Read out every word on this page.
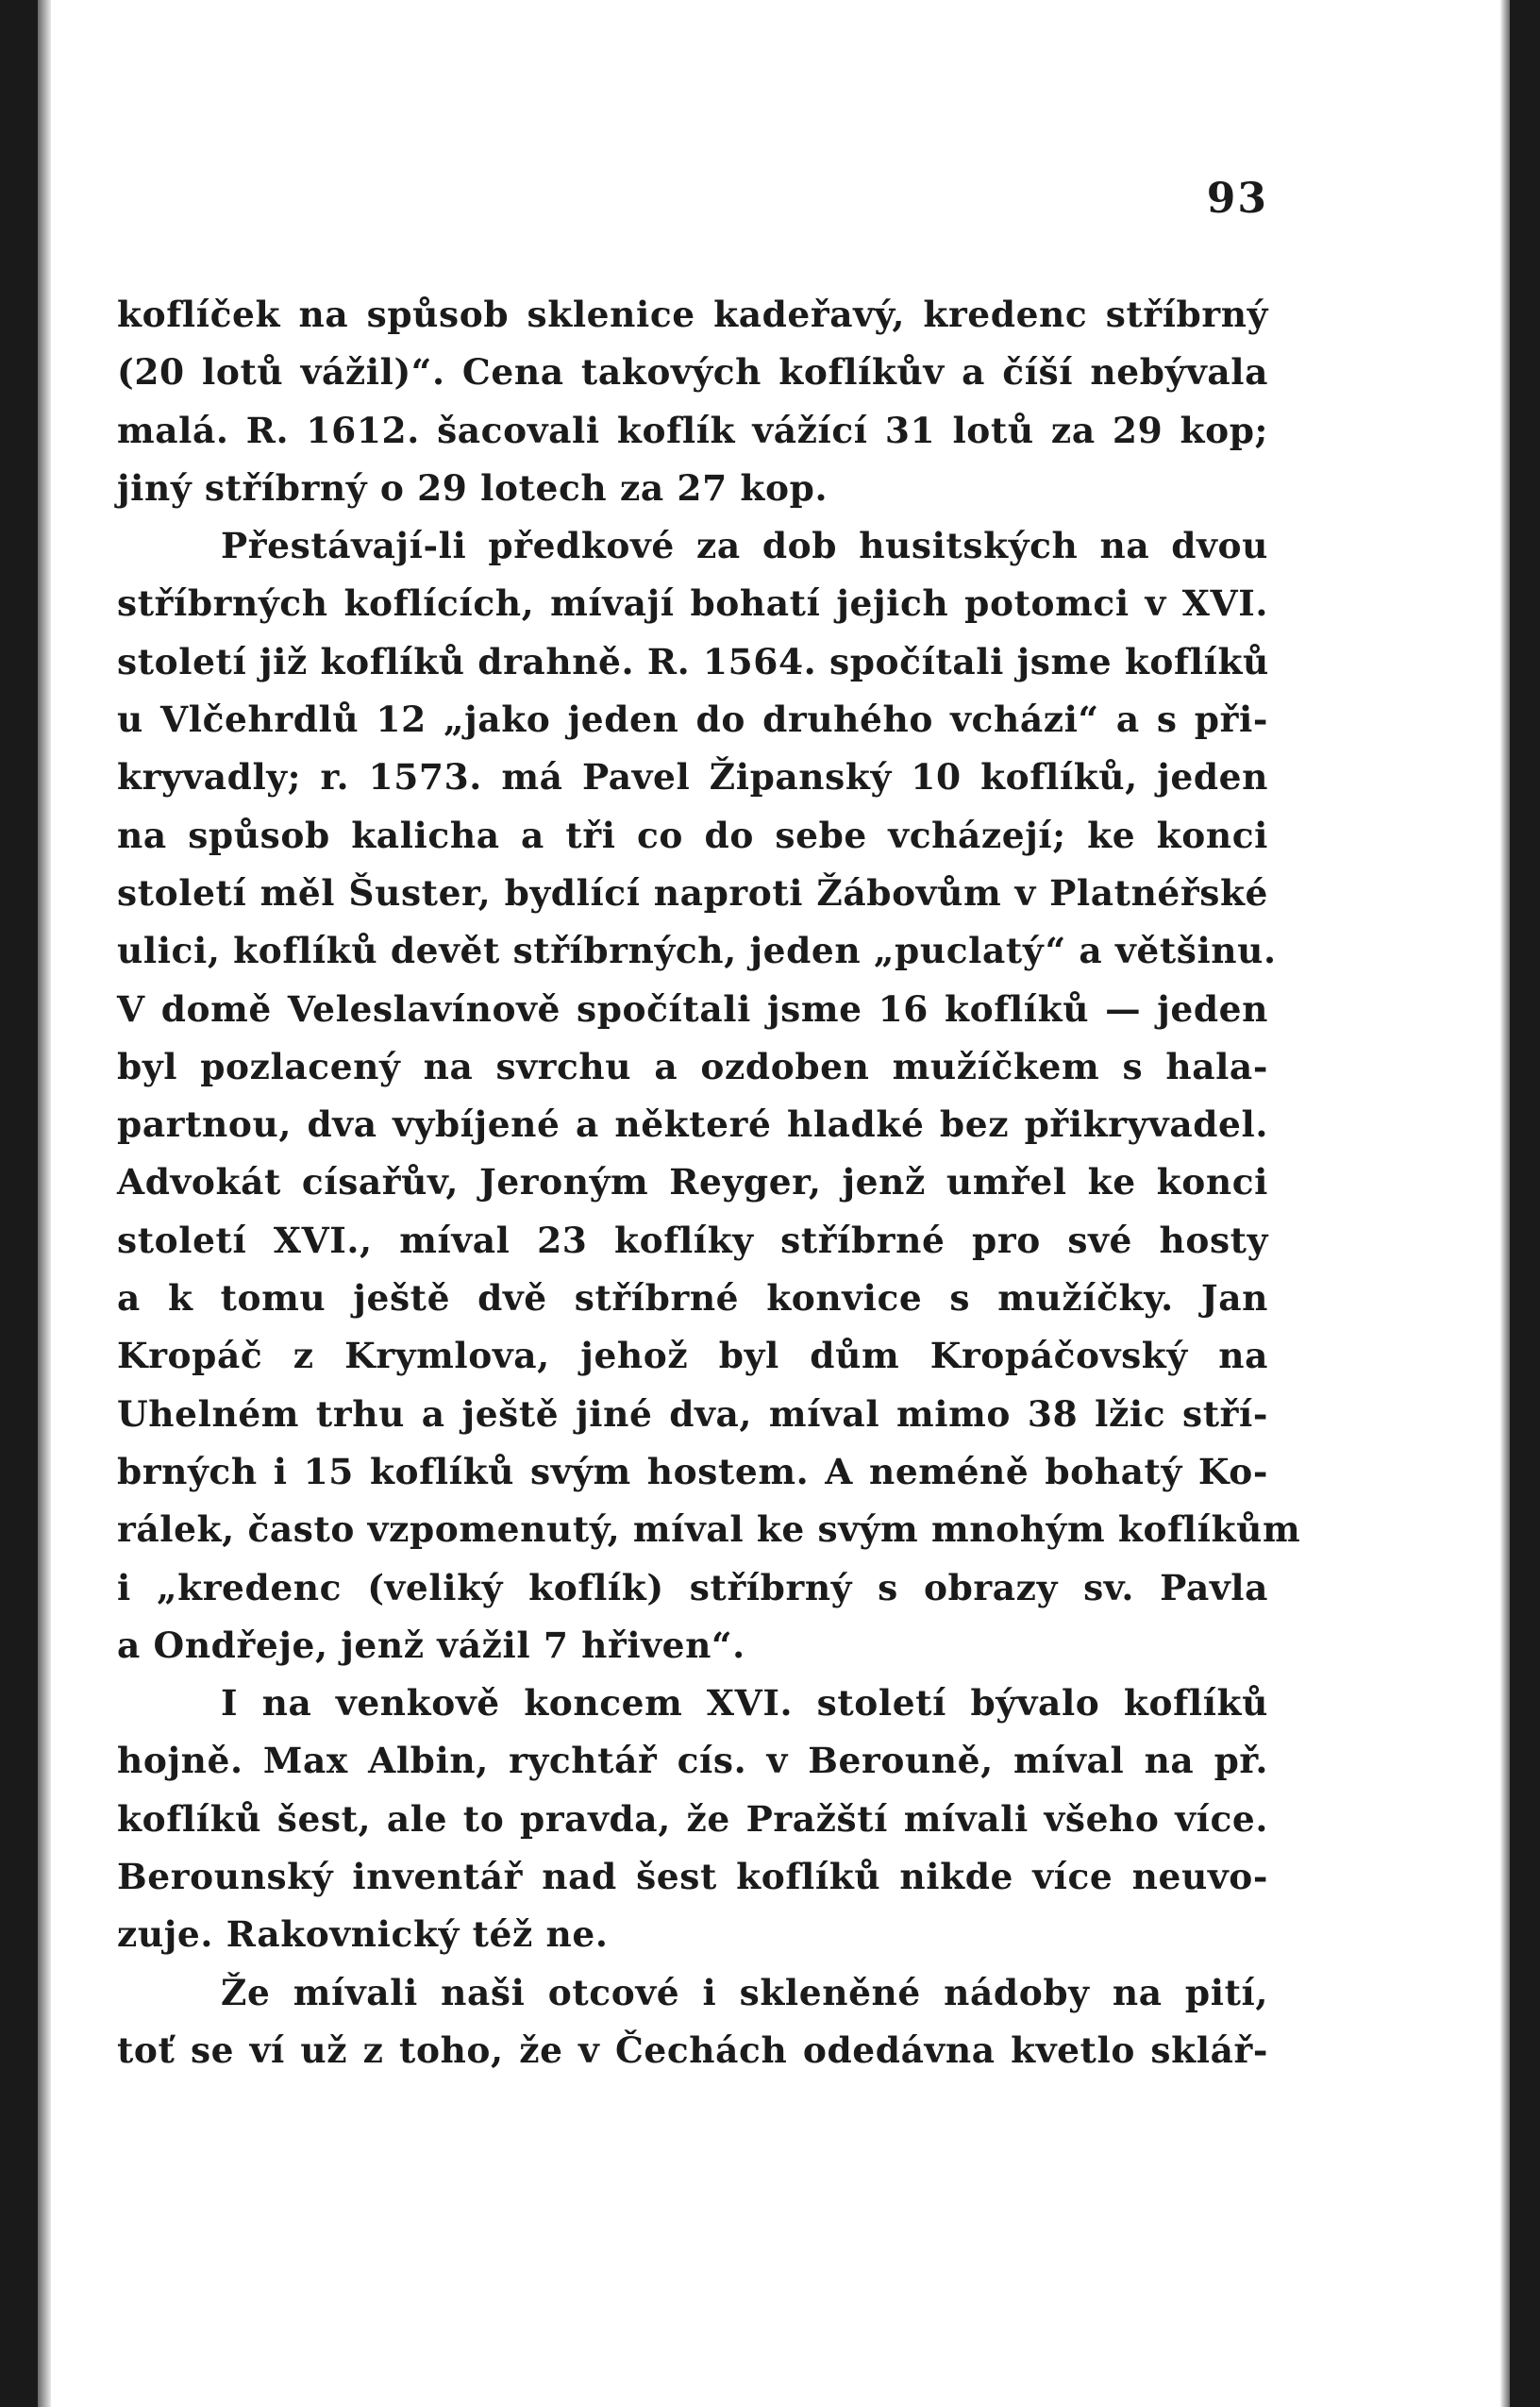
93
koflíček na spůsob sklenice kadeřavý, kredenc stříbrný
(20 lotů vážil)“. Cena takových koflíkův a číší nebývala
malá. R. 1612. šacovali koflík vážící 31 lotů za 29 kop;
jiný stříbrný o 29 lotech za 27 kop.
Přestávají-li předkové za dob husitských na dvou
stříbrných koflících, mívají bohatí jejich potomci v XVI.
století již koflíků drahně. R. 1564. spočítali jsme koflíků
u Vlčehrdlů 12 „jako jeden do druhého vcházi“ a s při-
kryvadly; r. 1573. má Pavel Žipanský 10 koflíků, jeden
na spůsob kalicha a tři co do sebe vcházejí; ke konci
století měl Šuster, bydlící naproti Žábovům v Platnéřské
ulici, koflíků devět stříbrných, jeden „puclatý“ a většinu.
V domě Veleslavínově spočítali jsme 16 koflíků — jeden
byl pozlacený na svrchu a ozdoben mužíčkem s hala-
partnou, dva vybíjené a některé hladké bez přikryvadel.
Advokát císařův, Jeroným Reyger, jenž umřel ke konci
století XVI., míval 23 koflíky stříbrné pro své hosty
a k tomu ještě dvě stříbrné konvice s mužíčky. Jan
Kropáč z Krymlova, jehož byl dům Kropáčovský na
Uhelném trhu a ještě jiné dva, míval mimo 38 lžic stří-
brných i 15 koflíků svým hostem. A neméně bohatý Ko-
rálek, často vzpomenutý, míval ke svým mnohým koflíkům
i „kredenc (veliký koflík) stříbrný s obrazy sv. Pavla
a Ondřeje, jenž vážil 7 hřiven“.
I na venkově koncem XVI. století bývalo koflíků
hojně. Max Albin, rychtář cís. v Berouně, míval na př.
koflíků šest, ale to pravda, že Pražští mívali všeho více.
Berounský inventář nad šest koflíků nikde více neuvo-
zuje. Rakovnický též ne.
Že mívali naši otcové i skleněné nádoby na pití,
toť se ví už z toho, že v Čechách odedávna kvetlo sklář-
